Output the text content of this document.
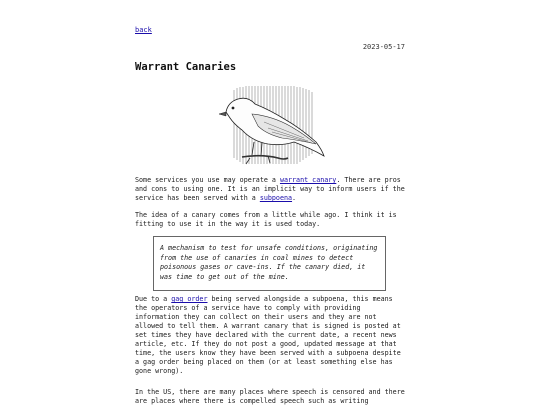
back
2023-05-17
Warrant Canaries

Some services you use may operate a warrant canary. There are pros and cons to using one. It is an implicit way to inform users if the service has been served with a subpoena.

The idea of a canary comes from a little while ago. I think it is fitting to use it in the way it is used today.

A mechanism to test for unsafe conditions, originating from the use of canaries in coal mines to detect poisonous gases or cave-ins. If the canary died, it was time to get out of the mine.

Due to a gag order being served alongside a subpoena, this means the operators of a service have to comply with providing information they can collect on their users and they are not allowed to tell them. A warrant canary that is signed is posted at set times they have declared with the current date, a recent news article, etc. If they do not post a good, updated message at that time, the users know they have been served with a subpoena despite a gag order being placed on them (or at least something else has gone wrong).

In the US, there are many places where speech is censored and there are places where there is compelled speech such as writing
